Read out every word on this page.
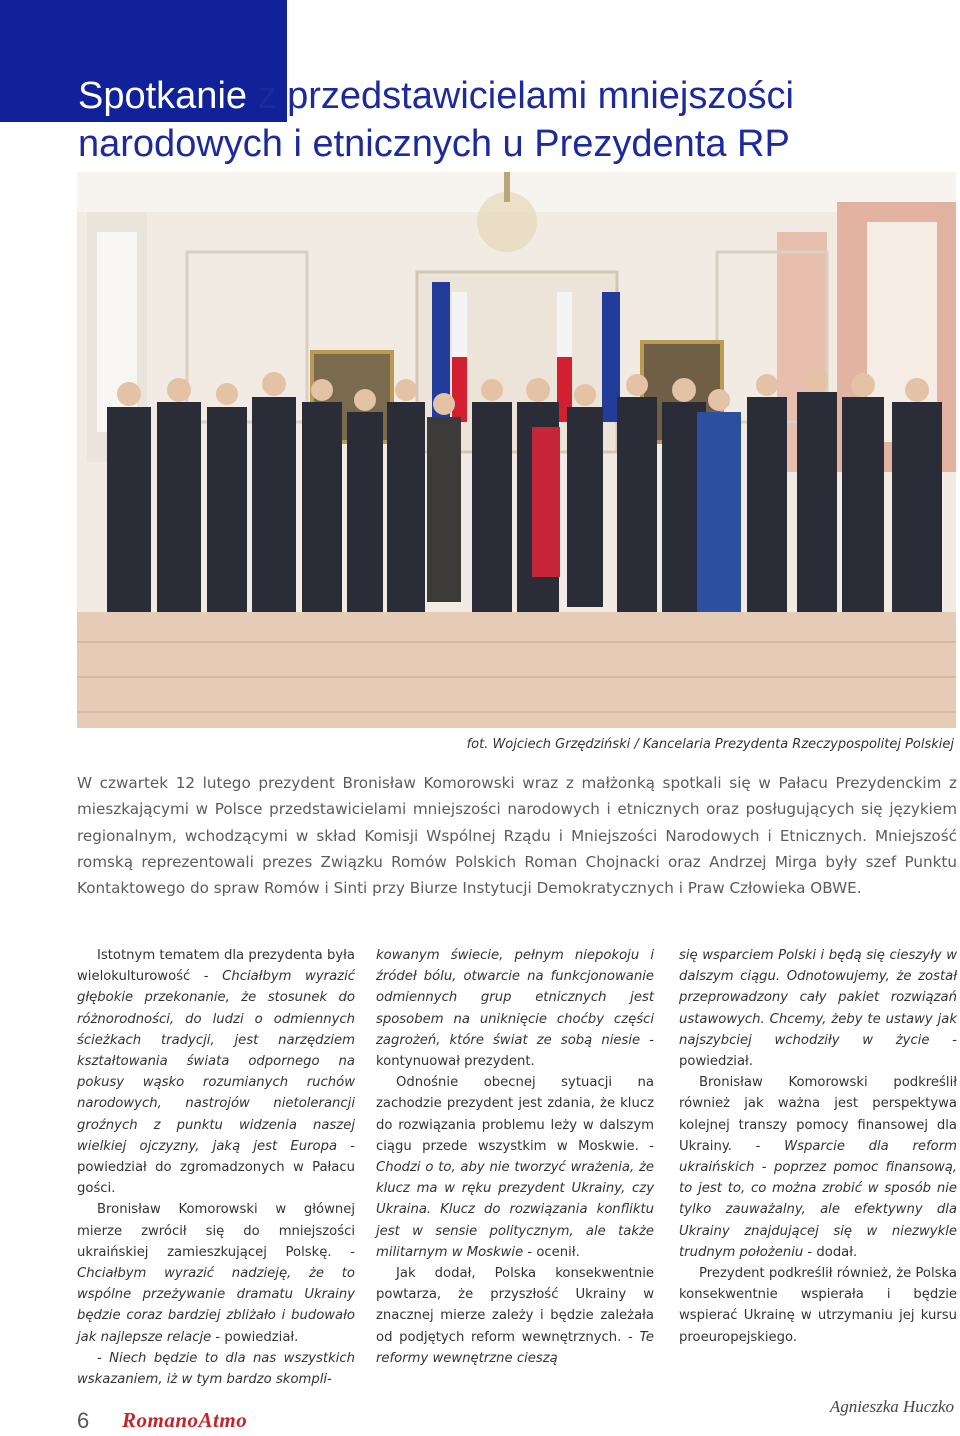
Spotkanie z przedstawicielami mniejszości
narodowych i etnicznych u Prezydenta RP
fot. Wojciech Grzędziński / Kancelaria Prezydenta Rzeczypospolitej Polskiej

W czwartek 12 lutego prezydent Bronisław Komorowski wraz z małżonką spotkali się w Pałacu Prezydenckim z mieszkającymi w Polsce przedstawicielami mniejszości narodowych i etnicznych oraz posługujących się językiem regionalnym, wchodzącymi w skład Komisji Wspólnej Rządu i Mniejszości Narodowych i Etnicznych. Mniejszość romską reprezentowali prezes Związku Romów Polskich Roman Chojnacki oraz Andrzej Mirga były szef Punktu Kontaktowego do spraw Romów i Sinti przy Biurze Instytucji Demokratycznych i Praw Człowieka OBWE.

Istotnym tematem dla prezydenta była wielokulturowość - Chciałbym wyrazić głębokie przekonanie, że stosunek do różnorodności, do ludzi o odmiennych ścieżkach tradycji, jest narzędziem kształtowania świata odpornego na pokusy wąsko rozumianych ruchów narodowych, nastrojów nietolerancji groźnych z punktu widzenia naszej wielkiej ojczyzny, jaką jest Europa - powiedział do zgromadzonych w Pałacu gości.

Bronisław Komorowski w głównej mierze zwrócił się do mniejszości ukraińskiej zamieszkującej Polskę. - Chciałbym wyrazić nadzieję, że to wspólne przeżywanie dramatu Ukrainy będzie coraz bardziej zbliżało i budowało jak najlepsze relacje - powiedział.

- Niech będzie to dla nas wszystkich wskazaniem, iż w tym bardzo skompli-

kowanym świecie, pełnym niepokoju i źródeł bólu, otwarcie na funkcjonowanie odmiennych grup etnicznych jest sposobem na uniknięcie choćby części zagrożeń, które świat ze sobą niesie - kontynuował prezydent.

Odnośnie obecnej sytuacji na zachodzie prezydent jest zdania, że klucz do rozwiązania problemu leży w dalszym ciągu przede wszystkim w Moskwie. - Chodzi o to, aby nie tworzyć wrażenia, że klucz ma w ręku prezydent Ukrainy, czy Ukraina. Klucz do rozwiązania konfliktu jest w sensie politycznym, ale także militarnym w Moskwie - ocenił.

Jak dodał, Polska konsekwentnie powtarza, że przyszłość Ukrainy w znacznej mierze zależy i będzie zależała od podjętych reform wewnętrznych. - Te reformy wewnętrzne cieszą

się wsparciem Polski i będą się cieszyły w dalszym ciągu. Odnotowujemy, że został przeprowadzony cały pakiet rozwiązań ustawowych. Chcemy, żeby te ustawy jak najszybciej wchodziły w życie - powiedział.

Bronisław Komorowski podkreślił również jak ważna jest perspektywa kolejnej transzy pomocy finansowej dla Ukrainy. - Wsparcie dla reform ukraińskich - poprzez pomoc finansową, to jest to, co można zrobić w sposób nie tylko zauważalny, ale efektywny dla Ukrainy znajdującej się w niezwykle trudnym położeniu - dodał.

Prezydent podkreślił również, że Polska konsekwentnie wspierała i będzie wspierać Ukrainę w utrzymaniu jej kursu proeuropejskiego.

Agnieszka Huczko
6 RomanoAtmo
